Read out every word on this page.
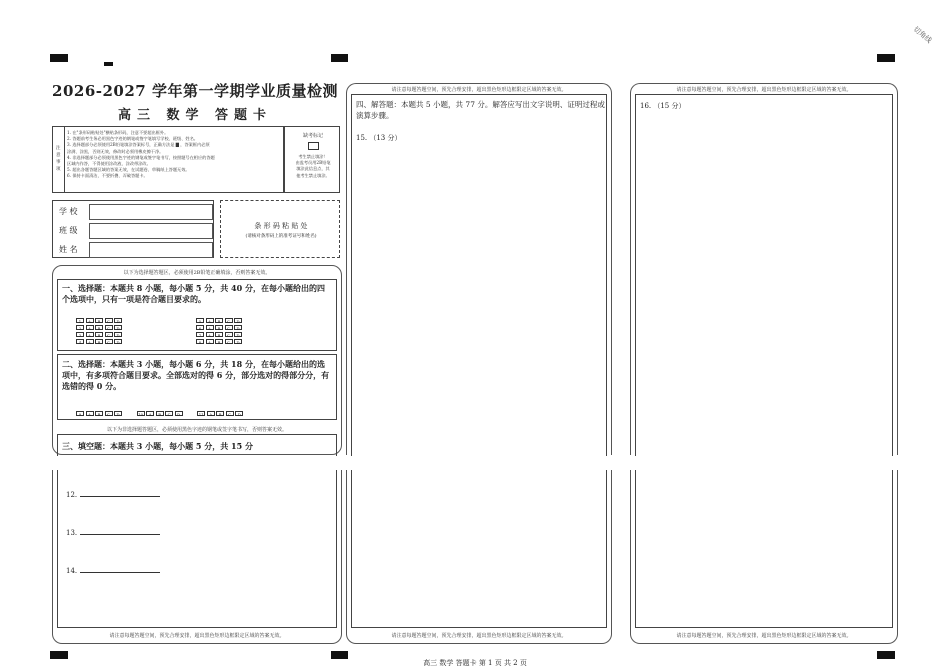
切角线
2026-2027 学年第一学期学业质量检测
高三 数学 答题卡
注意事项
1. 在"条形码粘贴处"横贴条形码，注意不要超出框外。
2. 答题前考生务必用黑色字迹的钢笔或签字笔填写学校、班级、姓名。
3. 选择题部分必须使用2B铅笔填涂答案标号，正确方法是 ▇ ，答案框内必须
涂满、涂黑，否则无效，修改时必须用橡皮擦干净。
4. 非选择题部分必须使用黑色字迹的钢笔或签字笔书写，按照题号在相应的答题
区域内作答，不得使用涂改液、涂改带涂改。
5. 超出各题答题区域的答案无效，在试题卷、草稿纸上答题无效。
6. 保持卡面清洁，不要折叠、弄破答题卡。
缺考标记
考生禁止填涂！
由监考员用2B铅笔
填涂此信息点，其
他考生禁止填涂。
学 校
班 级
姓 名
条 形 码 粘 贴 处
(请核对条形码上的准考证号和姓名)
以下为选择题答题区，必须使用2B铅笔正确填涂，否则答案无效。
一、选择题：本题共 8 小题，每小题 5 分，共 40 分，在每小题给出的四个选项中，只有一项是符合题目要求的。
1 A B C D
2 A B C D
3 A B C D
4 A B C D
5 A B C D
6 A B C D
7 A B C D
8 A B C D
二、选择题：本题共 3 小题，每小题 6 分，共 18 分，在每小题给出的选项中，有多项符合题目要求。全部选对的得 6 分，部分选对的得部分分，有选错的得 0 分。
9 A B C D	10 A B C D	11 A B C D
以下为非选择题答题区，必须使用黑色字迹的钢笔或签字笔书写，否则答案无效。
三、填空题：本题共 3 小题，每小题 5 分，共 15 分
12.
13.
14.
请注意每题答题空间，预先合理安排，超出黑色矩形边框限定区域的答案无效。
请注意每题答题空间，预先合理安排，超出黑色矩形边框限定区域的答案无效。
四、解答题：本题共 5 小题，共 77 分。解答应写出文字说明、证明过程或演算步骤。
15. （13 分）
请注意每题答题空间，预先合理安排，超出黑色矩形边框限定区域的答案无效。
请注意每题答题空间，预先合理安排，超出黑色矩形边框限定区域的答案无效。
16. （15 分）
请注意每题答题空间，预先合理安排，超出黑色矩形边框限定区域的答案无效。
高三 数学 答题卡 第 1 页 共 2 页
